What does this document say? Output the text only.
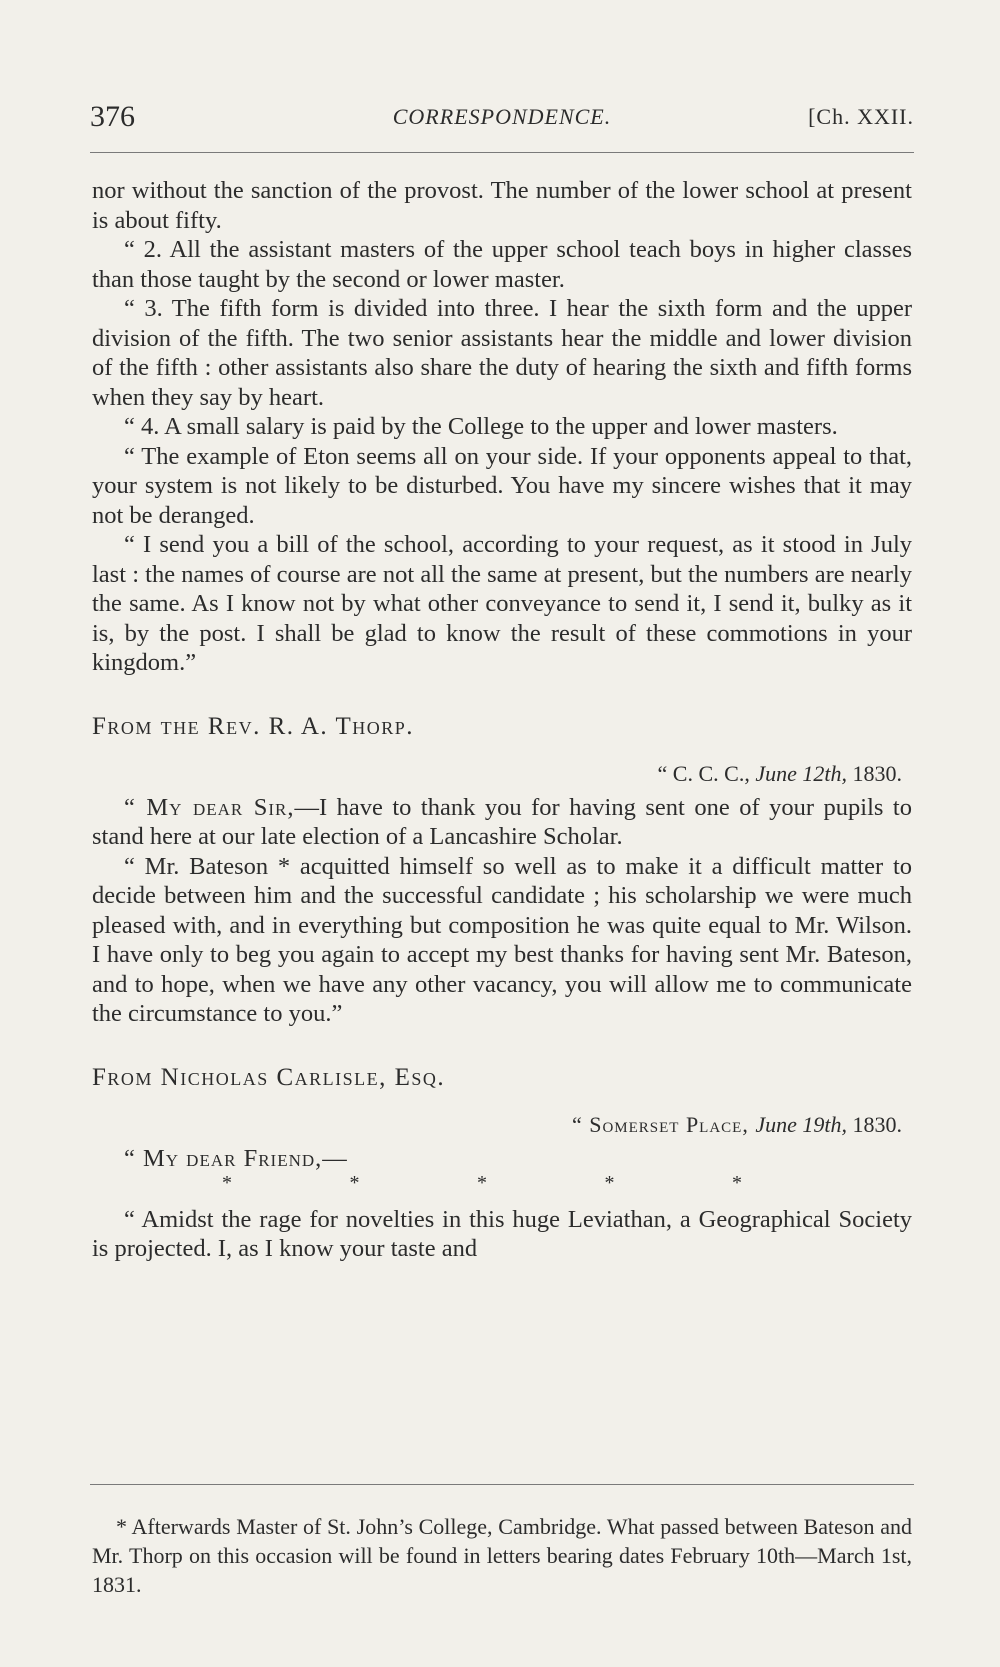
376	CORRESPONDENCE.	[Ch. XXII.

nor without the sanction of the provost. The number of the lower school at present is about fifty.

“ 2. All the assistant masters of the upper school teach boys in higher classes than those taught by the second or lower master.

“ 3. The fifth form is divided into three. I hear the sixth form and the upper division of the fifth. The two senior assistants hear the middle and lower division of the fifth : other assistants also share the duty of hearing the sixth and fifth forms when they say by heart.

“ 4. A small salary is paid by the College to the upper and lower masters.

“ The example of Eton seems all on your side. If your opponents appeal to that, your system is not likely to be disturbed. You have my sincere wishes that it may not be deranged.

“ I send you a bill of the school, according to your request, as it stood in July last : the names of course are not all the same at present, but the numbers are nearly the same. As I know not by what other conveyance to send it, I send it, bulky as it is, by the post. I shall be glad to know the result of these commotions in your kingdom.”

From the Rev. R. A. Thorp.

“ C. C. C., June 12th, 1830.

“ My dear Sir,—I have to thank you for having sent one of your pupils to stand here at our late election of a Lancashire Scholar.

“ Mr. Bateson * acquitted himself so well as to make it a difficult matter to decide between him and the successful candidate ; his scholarship we were much pleased with, and in everything but composition he was quite equal to Mr. Wilson. I have only to beg you again to accept my best thanks for having sent Mr. Bateson, and to hope, when we have any other vacancy, you will allow me to communicate the circumstance to you.”

From Nicholas Carlisle, Esq.

“ Somerset Place, June 19th, 1830.

“ My dear Friend,—

*	*	*	*	*

“ Amidst the rage for novelties in this huge Leviathan, a Geographical Society is projected. I, as I know your taste and

* Afterwards Master of St. John’s College, Cambridge. What passed between Bateson and Mr. Thorp on this occasion will be found in letters bearing dates February 10th—March 1st, 1831.
